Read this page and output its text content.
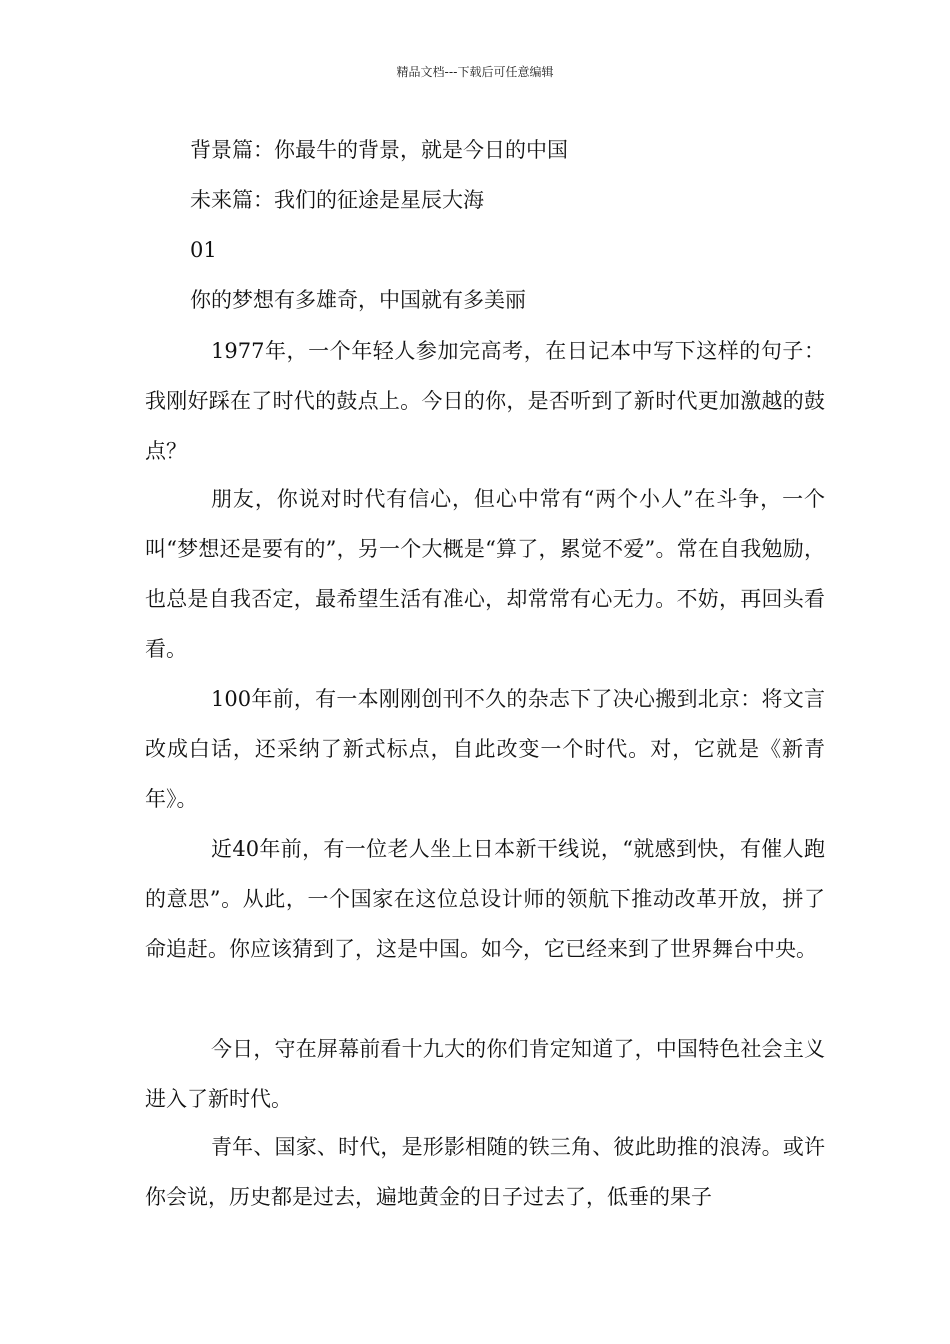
精品文档---下载后可任意编辑
背景篇：你最牛的背景，就是今日的中国
未来篇：我们的征途是星辰大海
01
你的梦想有多雄奇，中国就有多美丽

1977年，一个年轻人参加完高考，在日记本中写下这样的句子：我刚好踩在了时代的鼓点上。今日的你，是否听到了新时代更加激越的鼓点？

朋友，你说对时代有信心，但心中常有“两个小人”在斗争，一个叫“梦想还是要有的”，另一个大概是“算了，累觉不爱”。常在自我勉励，也总是自我否定，最希望生活有准心，却常常有心无力。不妨，再回头看看。

100年前，有一本刚刚创刊不久的杂志下了决心搬到北京：将文言改成白话，还采纳了新式标点，自此改变一个时代。对，它就是《新青年》。

近40年前，有一位老人坐上日本新干线说，“就感到快，有催人跑的意思”。从此，一个国家在这位总设计师的领航下推动改革开放，拼了命追赶。你应该猜到了，这是中国。如今，它已经来到了世界舞台中央。

今日，守在屏幕前看十九大的你们肯定知道了，中国特色社会主义进入了新时代。

青年、国家、时代，是形影相随的铁三角、彼此助推的浪涛。或许你会说，历史都是过去，遍地黄金的日子过去了，低垂的果子
